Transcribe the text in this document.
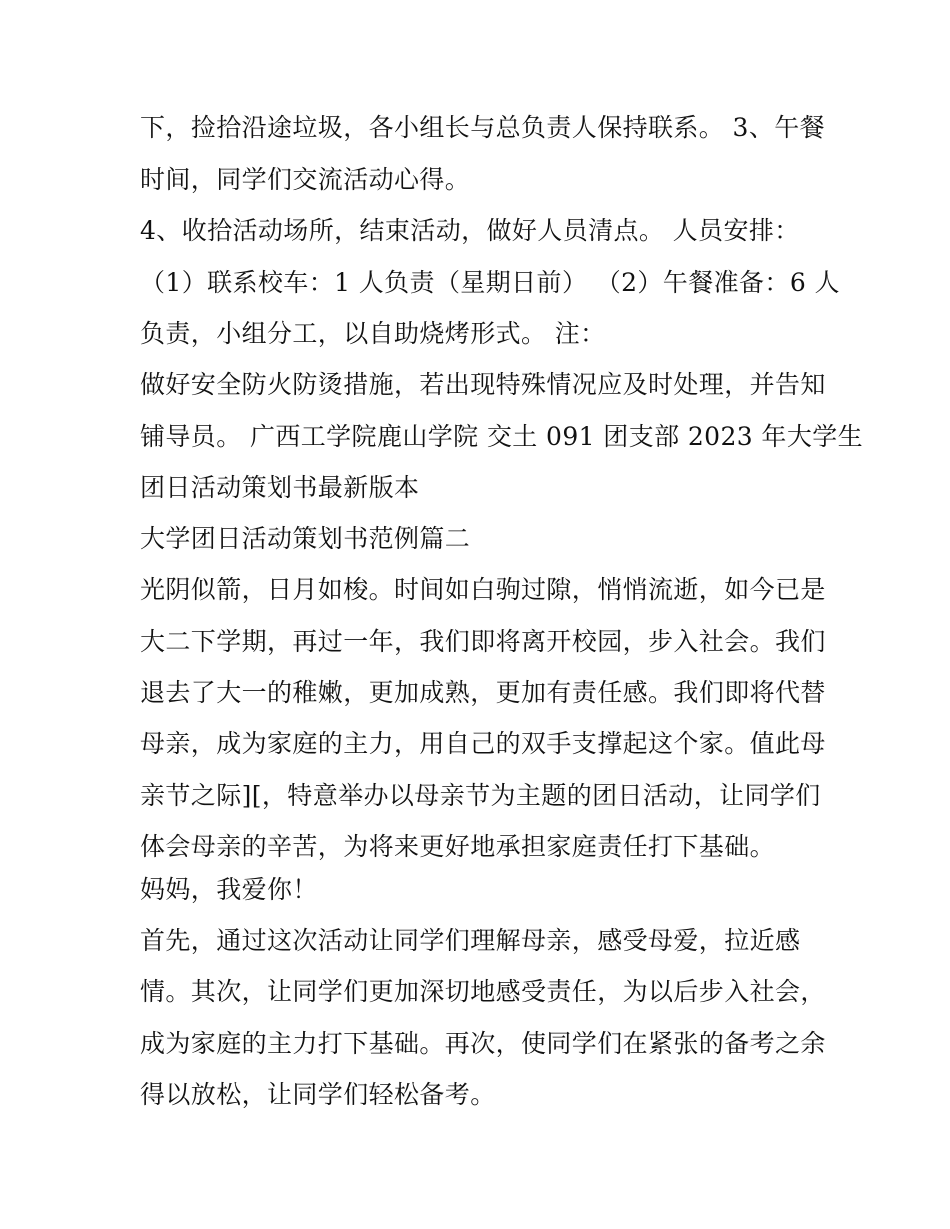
下，捡拾沿途垃圾，各小组长与总负责人保持联系。 3、午餐
时间，同学们交流活动心得。
4、收拾活动场所，结束活动，做好人员清点。 人员安排：
（1）联系校车：1 人负责（星期日前） （2）午餐准备：6 人
负责，小组分工，以自助烧烤形式。 注：
做好安全防火防烫措施，若出现特殊情况应及时处理，并告知
铺导员。 广西工学院鹿山学院 交土 091 团支部 2023 年大学生
团日活动策划书最新版本
大学团日活动策划书范例篇二
光阴似箭，日月如梭。时间如白驹过隙，悄悄流逝，如今已是
大二下学期，再过一年，我们即将离开校园，步入社会。我们
退去了大一的稚嫩，更加成熟，更加有责任感。我们即将代替
母亲，成为家庭的主力，用自己的双手支撑起这个家。值此母
亲节之际][，特意举办以母亲节为主题的团日活动，让同学们
体会母亲的辛苦，为将来更好地承担家庭责任打下基础。
妈妈，我爱你！
首先，通过这次活动让同学们理解母亲，感受母爱，拉近感
情。其次，让同学们更加深切地感受责任，为以后步入社会，
成为家庭的主力打下基础。再次，使同学们在紧张的备考之余
得以放松，让同学们轻松备考。
